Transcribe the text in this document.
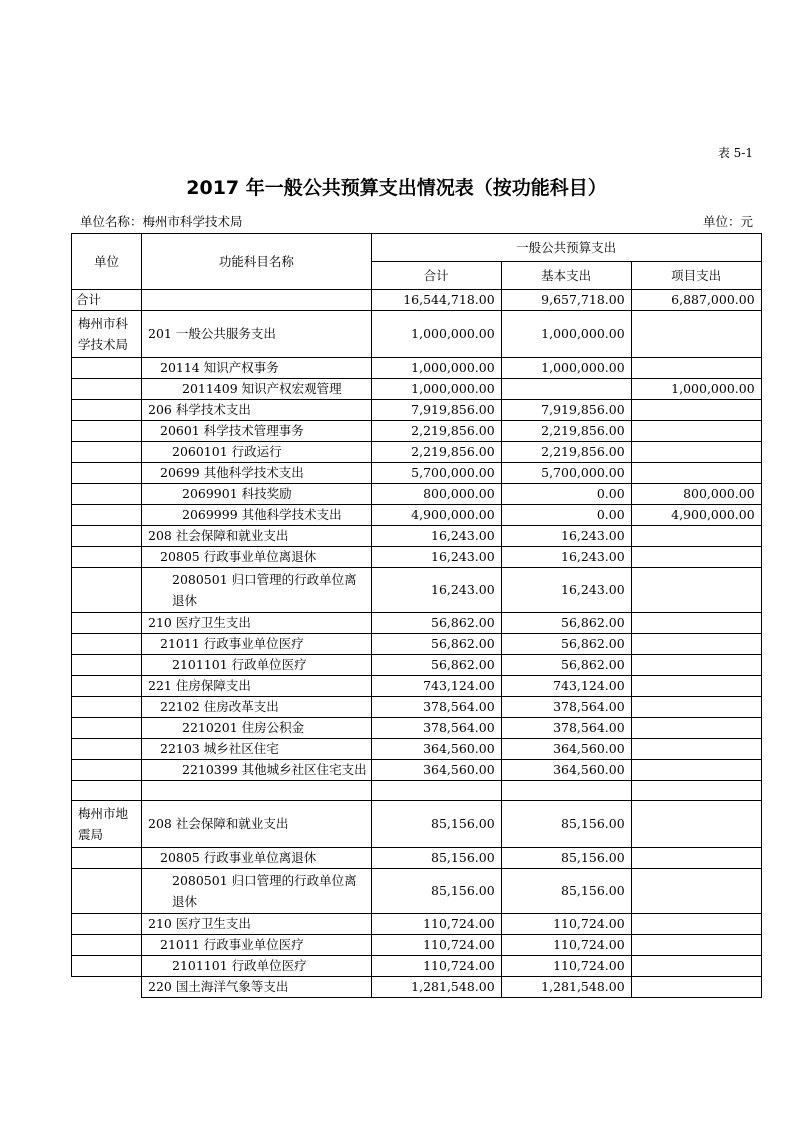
表 5-1
2017 年一般公共预算支出情况表（按功能科目）
单位名称：梅州市科学技术局	单位：元
单位	功能科目名称	一般公共预算支出		
		合计	基本支出	项目支出
合计		16,544,718.00	9,657,718.00	6,887,000.00
梅州市科学技术局	201 一般公共服务支出	1,000,000.00	1,000,000.00	
	20114 知识产权事务	1,000,000.00	1,000,000.00	
	2011409 知识产权宏观管理	1,000,000.00		1,000,000.00
	206 科学技术支出	7,919,856.00	7,919,856.00	
	20601 科学技术管理事务	2,219,856.00	2,219,856.00	
	2060101 行政运行	2,219,856.00	2,219,856.00	
	20699 其他科学技术支出	5,700,000.00	5,700,000.00	
	2069901 科技奖励	800,000.00	0.00	800,000.00
	2069999 其他科学技术支出	4,900,000.00	0.00	4,900,000.00
	208 社会保障和就业支出	16,243.00	16,243.00	
	20805 行政事业单位离退休	16,243.00	16,243.00	
	2080501 归口管理的行政单位离退休	16,243.00	16,243.00	
	210 医疗卫生支出	56,862.00	56,862.00	
	21011 行政事业单位医疗	56,862.00	56,862.00	
	2101101 行政单位医疗	56,862.00	56,862.00	
	221 住房保障支出	743,124.00	743,124.00	
	22102 住房改革支出	378,564.00	378,564.00	
	2210201 住房公积金	378,564.00	378,564.00	
	22103 城乡社区住宅	364,560.00	364,560.00	
	2210399 其他城乡社区住宅支出	364,560.00	364,560.00	

梅州市地震局	208 社会保障和就业支出	85,156.00	85,156.00	
	20805 行政事业单位离退休	85,156.00	85,156.00	
	2080501 归口管理的行政单位离退休	85,156.00	85,156.00	
	210 医疗卫生支出	110,724.00	110,724.00	
	21011 行政事业单位医疗	110,724.00	110,724.00	
	2101101 行政单位医疗	110,724.00	110,724.00	
	220 国土海洋气象等支出	1,281,548.00	1,281,548.00	
